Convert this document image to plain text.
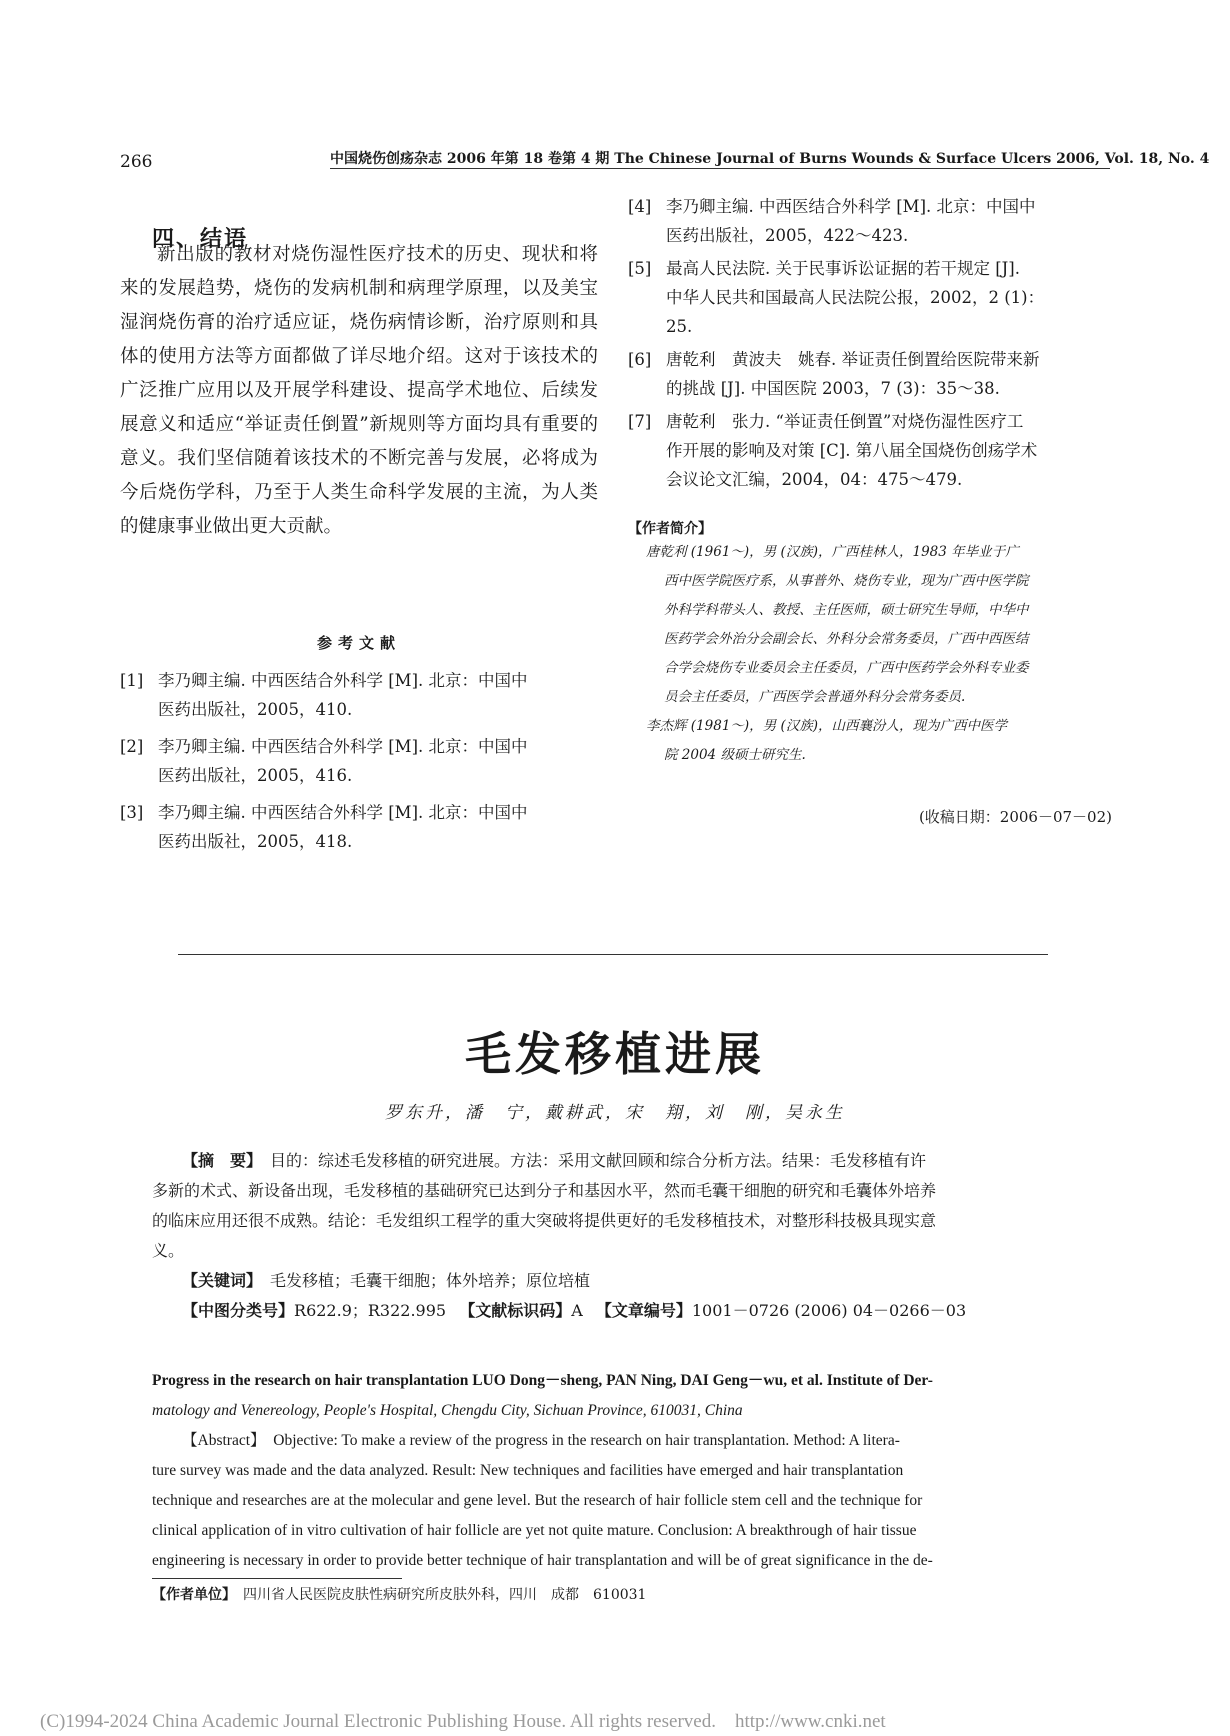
266	中国烧伤创疡杂志 2006 年第 18 卷第 4 期 The Chinese Journal of Burns Wounds & Surface Ulcers 2006, Vol. 18, No. 4
四、结语
新出版的教材对烧伤湿性医疗技术的历史、现状和将来的发展趋势，烧伤的发病机制和病理学原理，以及美宝湿润烧伤膏的治疗适应证，烧伤病情诊断，治疗原则和具体的使用方法等方面都做了详尽地介绍。这对于该技术的广泛推广应用以及开展学科建设、提高学术地位、后续发展意义和适应“举证责任倒置”新规则等方面均具有重要的意义。我们坚信随着该技术的不断完善与发展，必将成为今后烧伤学科，乃至于人类生命科学发展的主流，为人类的健康事业做出更大贡献。
参考文献
[1] 李乃卿主编. 中西医结合外科学 [M]. 北京：中国中
医药出版社，2005，410.
[2] 李乃卿主编. 中西医结合外科学 [M]. 北京：中国中
医药出版社，2005，416.
[3] 李乃卿主编. 中西医结合外科学 [M]. 北京：中国中
医药出版社，2005，418.
[4] 李乃卿主编. 中西医结合外科学 [M]. 北京：中国中
医药出版社，2005，422～423.
[5] 最高人民法院. 关于民事诉讼证据的若干规定 [J].
中华人民共和国最高人民法院公报，2002，2 (1)：
25.
[6] 唐乾利　黄波夫　姚春. 举证责任倒置给医院带来新
的挑战 [J]. 中国医院 2003，7 (3)：35～38.
[7] 唐乾利　张力. “举证责任倒置”对烧伤湿性医疗工
作开展的影响及对策 [C]. 第八届全国烧伤创疡学术
会议论文汇编，2004，04：475～479.
【作者简介】
唐乾利 (1961～)，男 (汉族)，广西桂林人，1983 年毕业于广
西中医学院医疗系，从事普外、烧伤专业，现为广西中医学院
外科学科带头人、教授、主任医师，硕士研究生导师，中华中
医药学会外治分会副会长、外科分会常务委员，广西中西医结
合学会烧伤专业委员会主任委员，广西中医药学会外科专业委
员会主任委员，广西医学会普通外科分会常务委员.
李杰辉 (1981～)，男 (汉族)，山西襄汾人，现为广西中医学
院 2004 级硕士研究生.
(收稿日期：2006－07－02)
毛发移植进展
罗东升，潘　宁，戴耕武，宋　翔，刘　刚，吴永生
【摘　要】　 目的：综述毛发移植的研究进展。方法：采用文献回顾和综合分析方法。结果：毛发移植有许
多新的术式、新设备出现，毛发移植的基础研究已达到分子和基因水平，然而毛囊干细胞的研究和毛囊体外培养
的临床应用还很不成熟。结论：毛发组织工程学的重大突破将提供更好的毛发移植技术，对整形科技极具现实意
义。
【关键词】　 毛发移植；毛囊干细胞；体外培养；原位培植
【中图分类号】R622.9；R322.995 　 【文献标识码】A 　 【文章编号】1001－0726 (2006) 04－0266－03
Progress in the research on hair transplantation LUO Dong－sheng, PAN Ning, DAI Geng－wu, et al. Institute of Der-
matology and Venereology, People's Hospital, Chengdu City, Sichuan Province, 610031, China
【Abstract】　Objective: To make a review of the progress in the research on hair transplantation. Method: A litera-
ture survey was made and the data analyzed. Result: New techniques and facilities have emerged and hair transplantation
technique and researches are at the molecular and gene level. But the research of hair follicle stem cell and the technique for
clinical application of in vitro cultivation of hair follicle are yet not quite mature. Conclusion: A breakthrough of hair tissue
engineering is necessary in order to provide better technique of hair transplantation and will be of great significance in the de-
【作者单位】　 四川省人民医院皮肤性病研究所皮肤外科，四川　成都　610031
(C)1994-2024 China Academic Journal Electronic Publishing House. All rights reserved.　http://www.cnki.net
